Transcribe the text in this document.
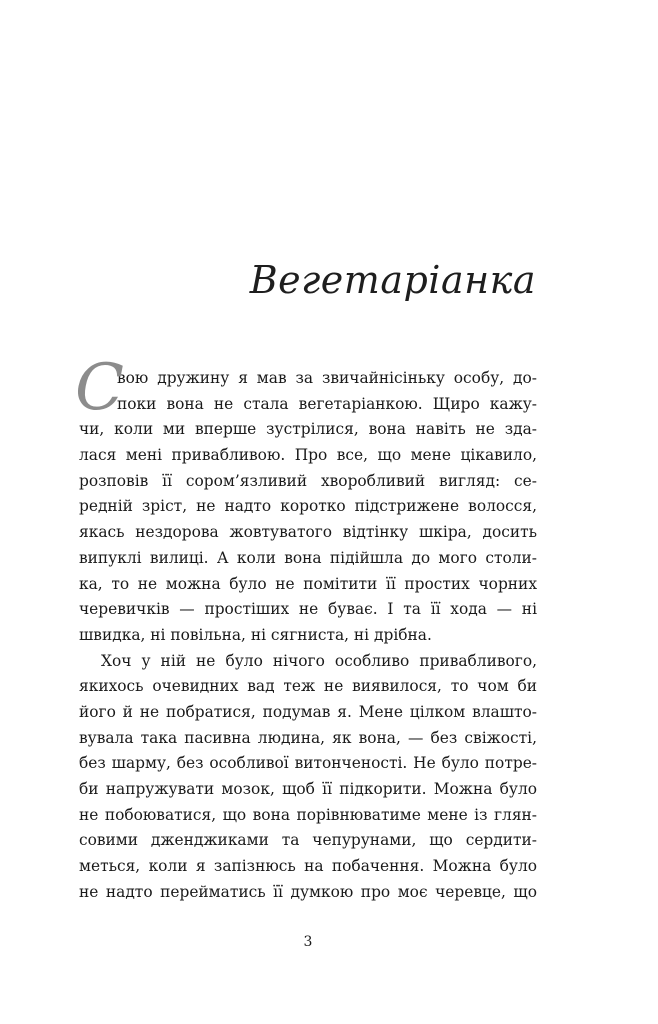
Вегетаріанка
С
вою дружину я мав за звичайнісіньку особу, до-
поки вона не стала вегетаріанкою. Щиро кажу-
чи, коли ми вперше зустрілися, вона навіть не зда-
лася мені привабливою. Про все, що мене цікавило,
розповів її сором’язливий хворобливий вигляд: се-
редній зріст, не надто коротко підстрижене волосся,
якась нездорова жовтуватого відтінку шкіра, досить
випуклі вилиці. А коли вона підійшла до мого столи-
ка, то не можна було не помітити її простих чорних
черевичків — простіших не буває. І та її хода — ні
швидка, ні повільна, ні сягниста, ні дрібна.
Хоч у ній не було нічого особливо привабливого,
якихось очевидних вад теж не виявилося, то чом би
його й не побратися, подумав я. Мене цілком влашто-
вувала така пасивна людина, як вона, — без свіжості,
без шарму, без особливої витонченості. Не було потре-
би напружувати мозок, щоб її підкорити. Можна було
не побоюватися, що вона порівнюватиме мене із глян-
совими дженджиками та чепурунами, що сердити-
меться, коли я запізнюсь на побачення. Можна було
не надто перейматись її думкою про моє черевце, що
3
